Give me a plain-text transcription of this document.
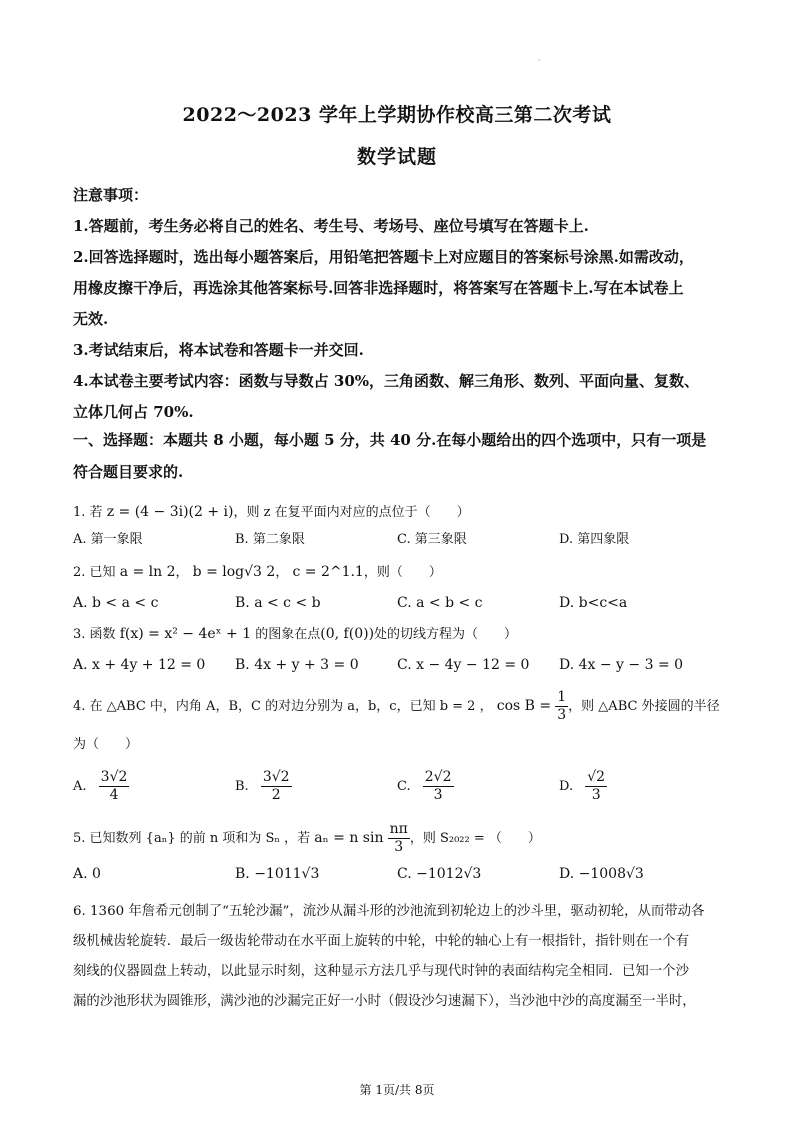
·
2022～2023 学年上学期协作校高三第二次考试
数学试题

注意事项：

1.答题前，考生务必将自己的姓名、考生号、考场号、座位号填写在答题卡上.

2.回答选择题时，选出每小题答案后，用铅笔把答题卡上对应题目的答案标号涂黑.如需改动，

用橡皮擦干净后，再选涂其他答案标号.回答非选择题时，将答案写在答题卡上.写在本试卷上

无效.

3.考试结束后，将本试卷和答题卡一并交回.

4.本试卷主要考试内容：函数与导数占 30%，三角函数、解三角形、数列、平面向量、复数、

立体几何占 70%.

一、选择题：本题共 8 小题，每小题 5 分，共 40 分.在每小题给出的四个选项中，只有一项是
符合题目要求的.

1. 若 z = (4 − 3i)(2 + i)，则 z 在复平面内对应的点位于（　　）

A. 第一象限	B. 第二象限	C. 第三象限	D. 第四象限

2. 已知 a = ln 2， b = log√3 2， c = 2^1.1，则（　　）

A. b < a < c	B. a < c < b	C. a < b < c	D. b<c<a

3. 函数 f(x) = x² − 4eˣ + 1 的图象在点(0, f(0))处的切线方程为（　　）

A. x + 4y + 12 = 0	B. 4x + y + 3 = 0	C. x − 4y − 12 = 0	D. 4x − y − 3 = 0

4. 在 △ABC 中，内角 A，B，C 的对边分别为 a，b，c，已知 b = 2 ， $\cos B = \frac{1}{3}$ ，则 △ABC 外接圆的半径

为（　　）

A. $\frac{3√2}{4}$	B. $\frac{3√2}{2}$	C. $\frac{2√2}{3}$	D. $\frac{√2}{3}$

5. 已知数列 {aₙ} 的前 n 项和为 Sₙ ，若 aₙ = n $\sin \frac{n\pi}{3}$ ，则 S₂₀₂₂ = （　　）

A. 0	B. −1011√3	C. −1012√3	D. −1008√3
6. 1360 年詹希元创制了“五轮沙漏”，流沙从漏斗形的沙池流到初轮边上的沙斗里，驱动初轮，从而带动各
级机械齿轮旋转．最后一级齿轮带动在水平面上旋转的中轮，中轮的轴心上有一根指针，指针则在一个有
刻线的仪器圆盘上转动，以此显示时刻，这种显示方法几乎与现代时钟的表面结构完全相同．已知一个沙
漏的沙池形状为圆锥形，满沙池的沙漏完正好一小时（假设沙匀速漏下），当沙池中沙的高度漏至一半时，
第 1页/共 8页
